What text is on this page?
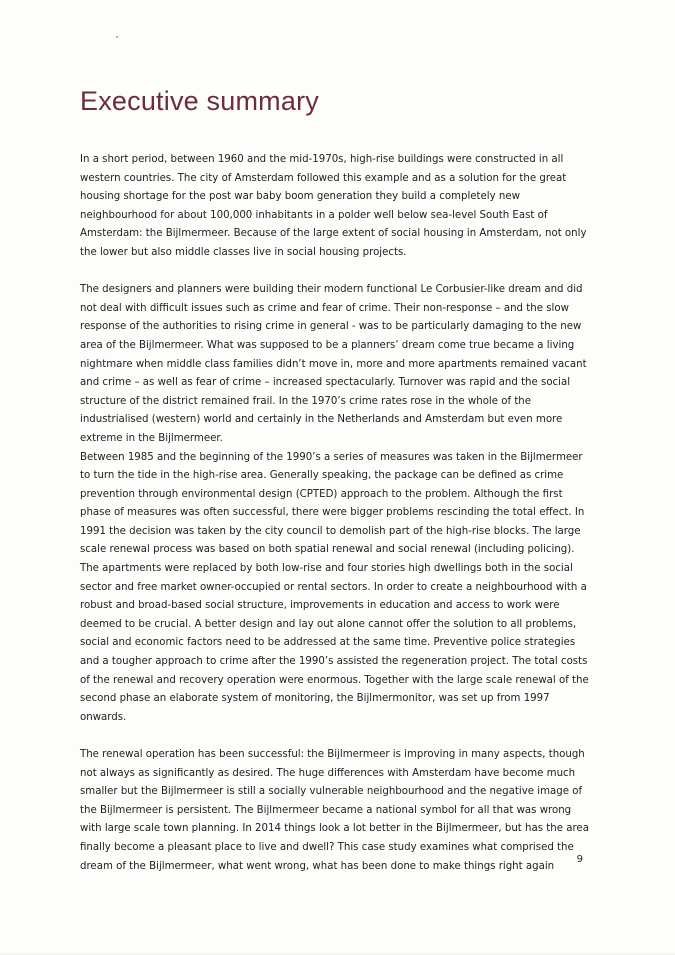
Executive summary

In a short period, between 1960 and the mid-1970s, high-rise buildings were constructed in all western countries. The city of Amsterdam followed this example and as a solution for the great housing shortage for the post war baby boom generation they build a completely new neighbourhood for about 100,000 inhabitants in a polder well below sea-level South East of Amsterdam: the Bijlmermeer. Because of the large extent of social housing in Amsterdam, not only the lower but also middle classes live in social housing projects.

The designers and planners were building their modern functional Le Corbusier-like dream and did not deal with difficult issues such as crime and fear of crime. Their non-response – and the slow response of the authorities to rising crime in general - was to be particularly damaging to the new area of the Bijlmermeer. What was supposed to be a planners’ dream come true became a living nightmare when middle class families didn’t move in, more and more apartments remained vacant and crime – as well as fear of crime – increased spectacularly. Turnover was rapid and the social structure of the district remained frail. In the 1970’s crime rates rose in the whole of the industrialised (western) world and certainly in the Netherlands and Amsterdam but even more extreme in the Bijlmermeer.

Between 1985 and the beginning of the 1990’s a series of measures was taken in the Bijlmermeer to turn the tide in the high-rise area. Generally speaking, the package can be defined as crime prevention through environmental design (CPTED) approach to the problem. Although the first phase of measures was often successful, there were bigger problems rescinding the total effect. In 1991 the decision was taken by the city council to demolish part of the high-rise blocks. The large scale renewal process was based on both spatial renewal and social renewal (including policing). The apartments were replaced by both low-rise and four stories high dwellings both in the social sector and free market owner-occupied or rental sectors. In order to create a neighbourhood with a robust and broad-based social structure, improvements in education and access to work were deemed to be crucial. A better design and lay out alone cannot offer the solution to all problems, social and economic factors need to be addressed at the same time. Preventive police strategies and a tougher approach to crime after the 1990’s assisted the regeneration project. The total costs of the renewal and recovery operation were enormous. Together with the large scale renewal of the second phase an elaborate system of monitoring, the Bijlmermonitor, was set up from 1997 onwards.

The renewal operation has been successful: the Bijlmermeer is improving in many aspects, though not always as significantly as desired. The huge differences with Amsterdam have become much smaller but the Bijlmermeer is still a socially vulnerable neighbourhood and the negative image of the Bijlmermeer is persistent. The Bijlmermeer became a national symbol for all that was wrong with large scale town planning. In 2014 things look a lot better in the Bijlmermeer, but has the area finally become a pleasant place to live and dwell? This case study examines what comprised the dream of the Bijlmermeer, what went wrong, what has been done to make things right again

9
